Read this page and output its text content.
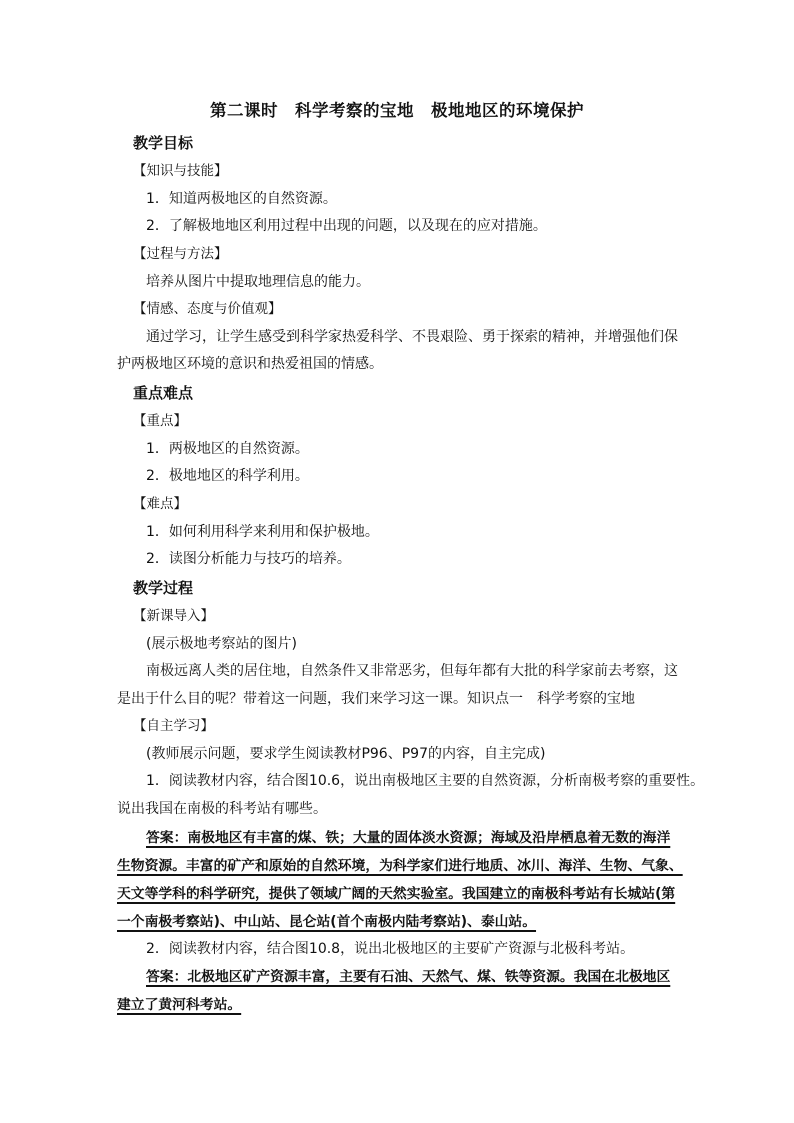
第二课时　科学考察的宝地　极地地区的环境保护
教学目标
【知识与技能】
1．知道两极地区的自然资源。
2．了解极地地区利用过程中出现的问题，以及现在的应对措施。
【过程与方法】
培养从图片中提取地理信息的能力。
【情感、态度与价值观】
通过学习，让学生感受到科学家热爱科学、不畏艰险、勇于探索的精神，并增强他们保
护两极地区环境的意识和热爱祖国的情感。
重点难点
【重点】
1．两极地区的自然资源。
2．极地地区的科学利用。
【难点】
1．如何利用科学来利用和保护极地。
2．读图分析能力与技巧的培养。
教学过程
【新课导入】
(展示极地考察站的图片)
南极远离人类的居住地，自然条件又非常恶劣，但每年都有大批的科学家前去考察，这
是出于什么目的呢？带着这一问题，我们来学习这一课。知识点一　科学考察的宝地
【自主学习】
(教师展示问题，要求学生阅读教材P96、P97的内容，自主完成)
1．阅读教材内容，结合图10.6，说出南极地区主要的自然资源，分析南极考察的重要性。
说出我国在南极的科考站有哪些。
答案：南极地区有丰富的煤、铁；大量的固体淡水资源；海域及沿岸栖息着无数的海洋
生物资源。丰富的矿产和原始的自然环境，为科学家们进行地质、冰川、海洋、生物、气象、
天文等学科的科学研究，提供了领域广阔的天然实验室。我国建立的南极科考站有长城站(第
一个南极考察站)、中山站、昆仑站(首个南极内陆考察站)、泰山站。
2．阅读教材内容，结合图10.8，说出北极地区的主要矿产资源与北极科考站。
答案：北极地区矿产资源丰富，主要有石油、天然气、煤、铁等资源。我国在北极地区
建立了黄河科考站。
